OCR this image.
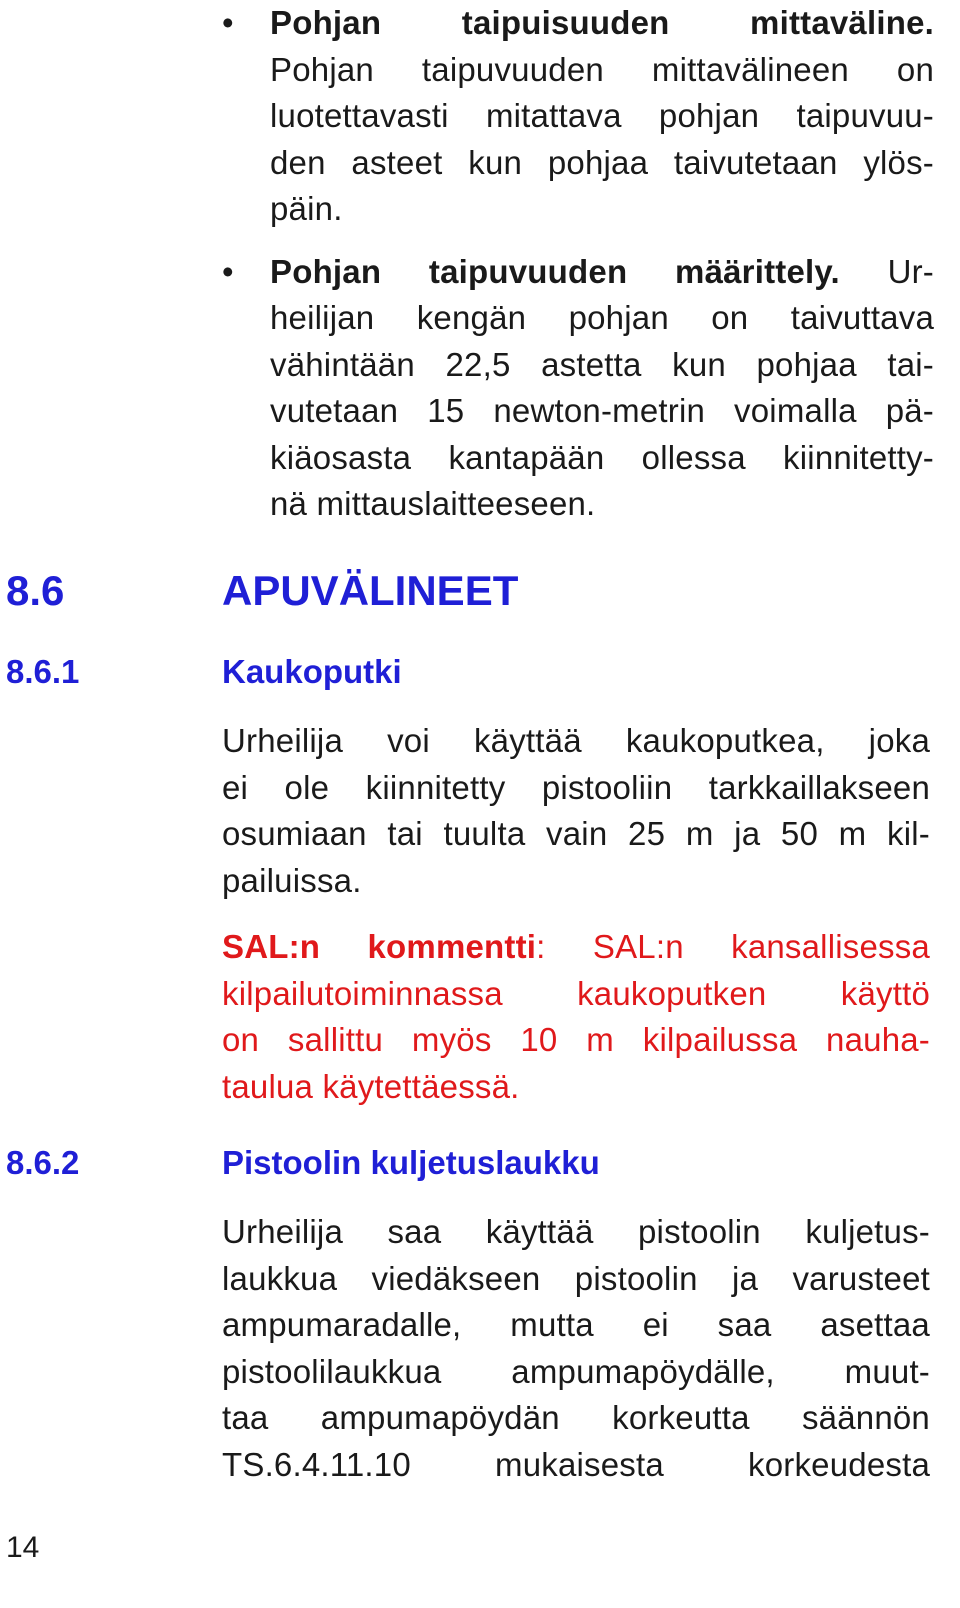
• Pohjan taipuisuuden mittaväline.
Pohjan taipuvuuden mittavälineen on
luotettavasti mitattava pohjan taipuvuu-
den asteet kun pohjaa taivutetaan ylös-
päin.
• Pohjan taipuvuuden määrittely. Ur-
heilijan kengän pohjan on taivuttava
vähintään 22,5 astetta kun pohjaa tai-
vutetaan 15 newton-metrin voimalla pä-
kiäosasta kantapään ollessa kiinnitetty-
nä mittauslaitteeseen.
8.6	APUVÄLINEET
8.6.1	Kaukoputki
Urheilija voi käyttää kaukoputkea, joka
ei ole kiinnitetty pistooliin tarkkaillakseen
osumiaan tai tuulta vain 25 m ja 50 m kil-
pailuissa.
SAL:n kommentti: SAL:n kansallisessa
kilpailutoiminnassa kaukoputken käyttö
on sallittu myös 10 m kilpailussa nauha-
taulua käytettäessä.
8.6.2	Pistoolin kuljetuslaukku
Urheilija saa käyttää pistoolin kuljetus-
laukkua viedäkseen pistoolin ja varusteet
ampumaradalle, mutta ei saa asettaa
pistoolilaukkua ampumapöydälle, muut-
taa ampumapöydän korkeutta säännön
TS.6.4.11.10 mukaisesta korkeudesta
14
